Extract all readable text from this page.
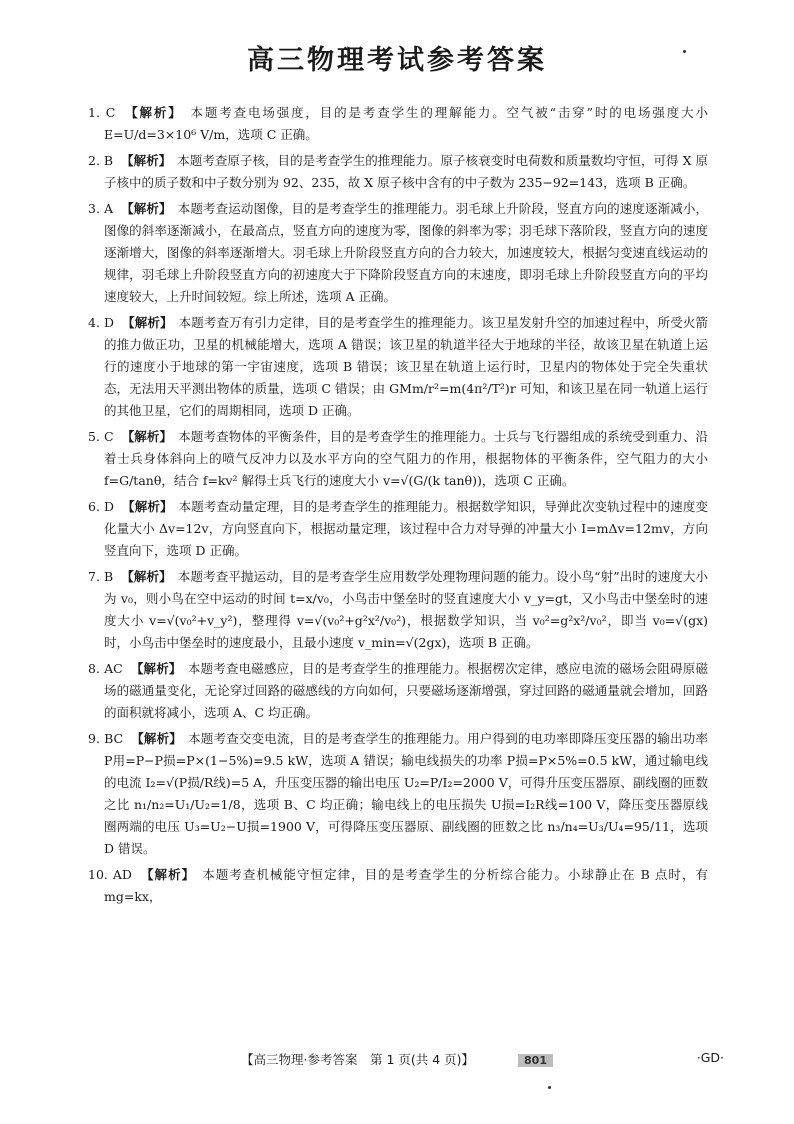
高三物理考试参考答案
1. C 【解析】 本题考查电场强度，目的是考查学生的理解能力。空气被“击穿”时的电场强度大小 E=U/d=3×10⁶ V/m，选项 C 正确。
2. B 【解析】 本题考查原子核，目的是考查学生的推理能力。原子核衰变时电荷数和质量数均守恒，可得 X 原子核中的质子数和中子数分别为 92、235，故 X 原子核中含有的中子数为 235−92=143，选项 B 正确。
3. A 【解析】 本题考查运动图像，目的是考查学生的推理能力。羽毛球上升阶段，竖直方向的速度逐渐减小，图像的斜率逐渐减小，在最高点，竖直方向的速度为零，图像的斜率为零；羽毛球下落阶段，竖直方向的速度逐渐增大，图像的斜率逐渐增大。羽毛球上升阶段竖直方向的合力较大，加速度较大，根据匀变速直线运动的规律，羽毛球上升阶段竖直方向的初速度大于下降阶段竖直方向的末速度，即羽毛球上升阶段竖直方向的平均速度较大，上升时间较短。综上所述，选项 A 正确。
4. D 【解析】 本题考查万有引力定律，目的是考查学生的推理能力。该卫星发射升空的加速过程中，所受火箭的推力做正功，卫星的机械能增大，选项 A 错误；该卫星的轨道半径大于地球的半径，故该卫星在轨道上运行的速度小于地球的第一宇宙速度，选项 B 错误；该卫星在轨道上运行时，卫星内的物体处于完全失重状态，无法用天平测出物体的质量，选项 C 错误；由 GMm/r²=m(4π²/T²)r 可知，和该卫星在同一轨道上运行的其他卫星，它们的周期相同，选项 D 正确。
5. C 【解析】 本题考查物体的平衡条件，目的是考查学生的推理能力。士兵与飞行器组成的系统受到重力、沿着士兵身体斜向上的喷气反冲力以及水平方向的空气阻力的作用，根据物体的平衡条件，空气阻力的大小 f=G/tanθ，结合 f=kv² 解得士兵飞行的速度大小 v=√(G/(k tanθ))，选项 C 正确。
6. D 【解析】 本题考查动量定理，目的是考查学生的推理能力。根据数学知识，导弹此次变轨过程中的速度变化量大小 Δv=12v，方向竖直向下，根据动量定理，该过程中合力对导弹的冲量大小 I=mΔv=12mv，方向竖直向下，选项 D 正确。
7. B 【解析】 本题考查平抛运动，目的是考查学生应用数学处理物理问题的能力。设小鸟“射”出时的速度大小为 v₀，则小鸟在空中运动的时间 t=x/v₀，小鸟击中堡垒时的竖直速度大小 v_y=gt，又小鸟击中堡垒时的速度大小 v=√(v₀²+v_y²)，整理得 v=√(v₀²+g²x²/v₀²)，根据数学知识，当 v₀²=g²x²/v₀²，即当 v₀=√(gx) 时，小鸟击中堡垒时的速度最小，且最小速度 v_min=√(2gx)，选项 B 正确。
8. AC 【解析】 本题考查电磁感应，目的是考查学生的推理能力。根据楞次定律，感应电流的磁场会阻碍原磁场的磁通量变化，无论穿过回路的磁感线的方向如何，只要磁场逐渐增强，穿过回路的磁通量就会增加，回路的面积就将减小，选项 A、C 均正确。
9. BC 【解析】 本题考查交变电流，目的是考查学生的推理能力。用户得到的电功率即降压变压器的输出功率 P用=P−P损=P×(1−5%)=9.5 kW，选项 A 错误；输电线损失的功率 P损=P×5%=0.5 kW，通过输电线的电流 I₂=√(P损/R线)=5 A，升压变压器的输出电压 U₂=P/I₂=2000 V，可得升压变压器原、副线圈的匝数之比 n₁/n₂=U₁/U₂=1/8，选项 B、C 均正确；输电线上的电压损失 U损=I₂R线=100 V，降压变压器原线圈两端的电压 U₃=U₂−U损=1900 V，可得降压变压器原、副线圈的匝数之比 n₃/n₄=U₃/U₄=95/11，选项 D 错误。
10. AD 【解析】 本题考查机械能守恒定律，目的是考查学生的分析综合能力。小球静止在 B 点时，有 mg=kx，
【高三物理·参考答案　第 1 页(共 4 页)】	801	·GD·
